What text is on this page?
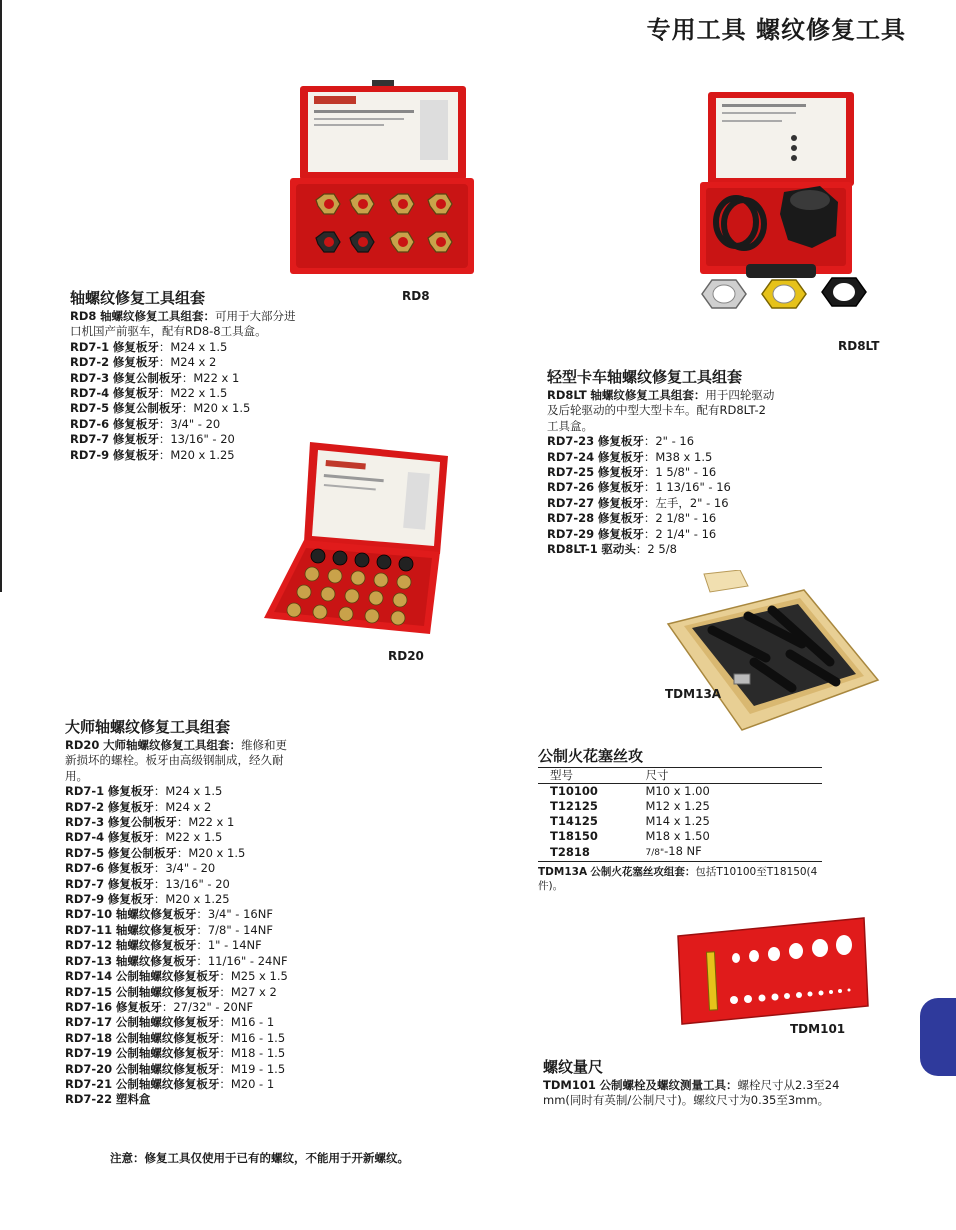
专用工具 螺纹修复工具
RD8
轴螺纹修复工具组套
RD8 轴螺纹修复工具组套：可用于大部分进
口机国产前驱车，配有RD8-8工具盒。
RD7-1 修复板牙：M24 x 1.5
RD7-2 修复板牙：M24 x 2
RD7-3 修复公制板牙：M22 x 1
RD7-4 修复板牙：M22 x 1.5
RD7-5 修复公制板牙：M20 x 1.5
RD7-6 修复板牙：3/4" - 20
RD7-7 修复板牙：13/16" - 20
RD7-9 修复板牙：M20 x 1.25
RD20
大师轴螺纹修复工具组套
RD20 大师轴螺纹修复工具组套：维修和更
新损坏的螺栓。板牙由高级钢制成，经久耐
用。
RD7-1 修复板牙：M24 x 1.5
RD7-2 修复板牙：M24 x 2
RD7-3 修复公制板牙：M22 x 1
RD7-4 修复板牙：M22 x 1.5
RD7-5 修复公制板牙：M20 x 1.5
RD7-6 修复板牙：3/4" - 20
RD7-7 修复板牙：13/16" - 20
RD7-9 修复板牙：M20 x 1.25
RD7-10 轴螺纹修复板牙：3/4" - 16NF
RD7-11 轴螺纹修复板牙：7/8" - 14NF
RD7-12 轴螺纹修复板牙：1" - 14NF
RD7-13 轴螺纹修复板牙：11/16" - 24NF
RD7-14 公制轴螺纹修复板牙：M25 x 1.5
RD7-15 公制轴螺纹修复板牙：M27 x 2
RD7-16 修复板牙：27/32" - 20NF
RD7-17 公制轴螺纹修复板牙：M16 - 1
RD7-18 公制轴螺纹修复板牙：M16 - 1.5
RD7-19 公制轴螺纹修复板牙：M18 - 1.5
RD7-20 公制轴螺纹修复板牙：M19 - 1.5
RD7-21 公制轴螺纹修复板牙：M20 - 1
RD7-22 塑料盒
RD8LT
轻型卡车轴螺纹修复工具组套
RD8LT 轴螺纹修复工具组套：用于四轮驱动
及后轮驱动的中型大型卡车。配有RD8LT-2
工具盒。
RD7-23 修复板牙：2" - 16
RD7-24 修复板牙：M38 x 1.5
RD7-25 修复板牙：1 5/8" - 16
RD7-26 修复板牙：1 13/16" - 16
RD7-27 修复板牙：左手，2" - 16
RD7-28 修复板牙：2 1/8" - 16
RD7-29 修复板牙：2 1/4" - 16
RD8LT-1 驱动头：2 5/8
TDM13A
公制火花塞丝攻
型号	尺寸
T10100	M10 x 1.00
T12125	M12 x 1.25
T14125	M14 x 1.25
T18150	M18 x 1.50
T2818	7/8"-18 NF
TDM13A 公制火花塞丝攻组套：包括T10100至T18150(4
件)。
TDM101
螺纹量尺
TDM101 公制螺栓及螺纹测量工具：螺栓尺寸从2.3至24
mm(同时有英制/公制尺寸)。螺纹尺寸为0.35至3mm。
注意：修复工具仅使用于已有的螺纹，不能用于开新螺纹。
